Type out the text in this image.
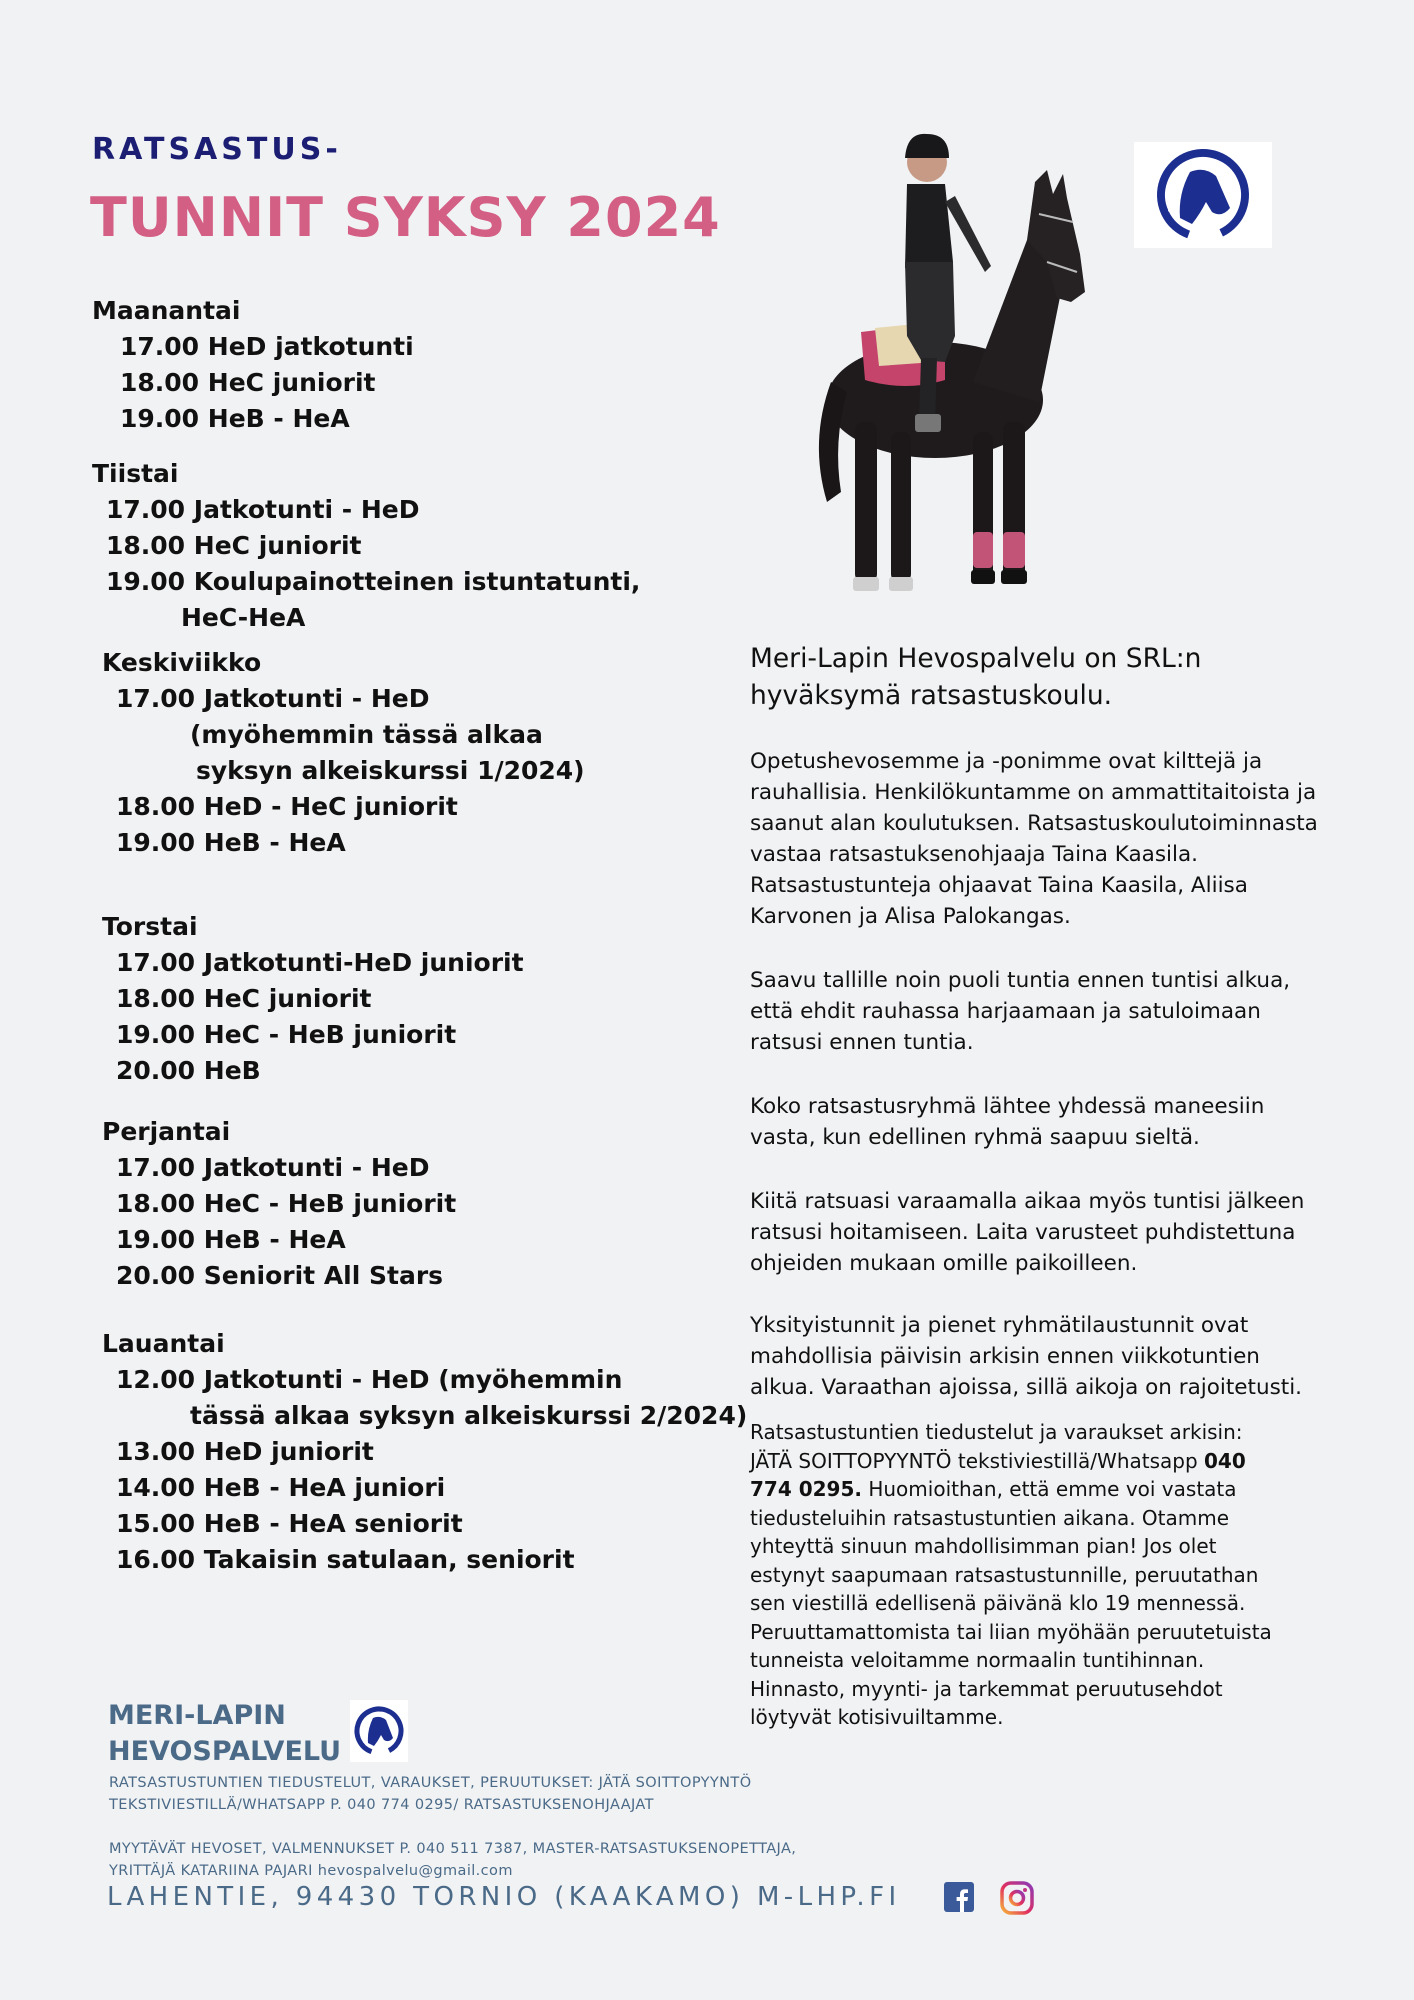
RATSASTUS-
TUNNIT SYKSY 2024
Maanantai
17.00 HeD jatkotunti
18.00 HeC juniorit
19.00 HeB - HeA
Tiistai
17.00 Jatkotunti - HeD
18.00 HeC juniorit
19.00 Koulupainotteinen istuntatunti,
HeC-HeA
Keskiviikko
17.00 Jatkotunti - HeD
(myöhemmin tässä alkaa
syksyn alkeiskurssi 1/2024)
18.00 HeD - HeC juniorit
19.00 HeB - HeA
Torstai
17.00 Jatkotunti-HeD juniorit
18.00 HeC juniorit
19.00 HeC - HeB juniorit
20.00 HeB
Perjantai
17.00 Jatkotunti - HeD
18.00 HeC - HeB juniorit
19.00 HeB - HeA
20.00 Seniorit All Stars
Lauantai
12.00 Jatkotunti - HeD (myöhemmin
tässä alkaa syksyn alkeiskurssi 2/2024)
13.00 HeD juniorit
14.00 HeB - HeA juniori
15.00 HeB - HeA seniorit
16.00 Takaisin satulaan, seniorit
Meri-Lapin Hevospalvelu on SRL:n
hyväksymä ratsastuskoulu.
Opetushevosemme ja -ponimme ovat kilttejä ja
rauhallisia. Henkilökuntamme on ammattitaitoista ja
saanut alan koulutuksen. Ratsastuskoulutoiminnasta
vastaa ratsastuksenohjaaja Taina Kaasila.
Ratsastustunteja ohjaavat Taina Kaasila, Aliisa
Karvonen ja Alisa Palokangas.
Saavu tallille noin puoli tuntia ennen tuntisi alkua,
että ehdit rauhassa harjaamaan ja satuloimaan
ratsusi ennen tuntia.
Koko ratsastusryhmä lähtee yhdessä maneesiin
vasta, kun edellinen ryhmä saapuu sieltä.
Kiitä ratsuasi varaamalla aikaa myös tuntisi jälkeen
ratsusi hoitamiseen. Laita varusteet puhdistettuna
ohjeiden mukaan omille paikoilleen.
Yksityistunnit ja pienet ryhmätilaustunnit ovat
mahdollisia päivisin arkisin ennen viikkotuntien
alkua. Varaathan ajoissa, sillä aikoja on rajoitetusti.
Ratsastustuntien tiedustelut ja varaukset arkisin:
JÄTÄ SOITTOPYYNTÖ tekstiviestillä/Whatsapp 040
774 0295. Huomioithan, että emme voi vastata
tiedusteluihin ratsastustuntien aikana. Otamme
yhteyttä sinuun mahdollisimman pian! Jos olet
estynyt saapumaan ratsastustunnille, peruutathan
sen viestillä edellisenä päivänä klo 19 mennessä.
Peruuttamattomista tai liian myöhään peruutetuista
tunneista veloitamme normaalin tuntihinnan.
Hinnasto, myynti- ja tarkemmat peruutusehdot
löytyvät kotisivuiltamme.
MERI-LAPIN
HEVOSPALVELU
RATSASTUSTUNTIEN TIEDUSTELUT, VARAUKSET, PERUUTUKSET: JÄTÄ SOITTOPYYNTÖ
TEKSTIVIESTILLÄ/WHATSAPP P. 040 774 0295/ RATSASTUKSENOHJAAJAT
MYYTÄVÄT HEVOSET, VALMENNUKSET P. 040 511 7387, MASTER-RATSASTUKSENOPETTAJA,
YRITTÄJÄ KATARIINA PAJARI hevospalvelu@gmail.com
LAHENTIE, 94430 TORNIO (KAAKAMO) M-LHP.FI
